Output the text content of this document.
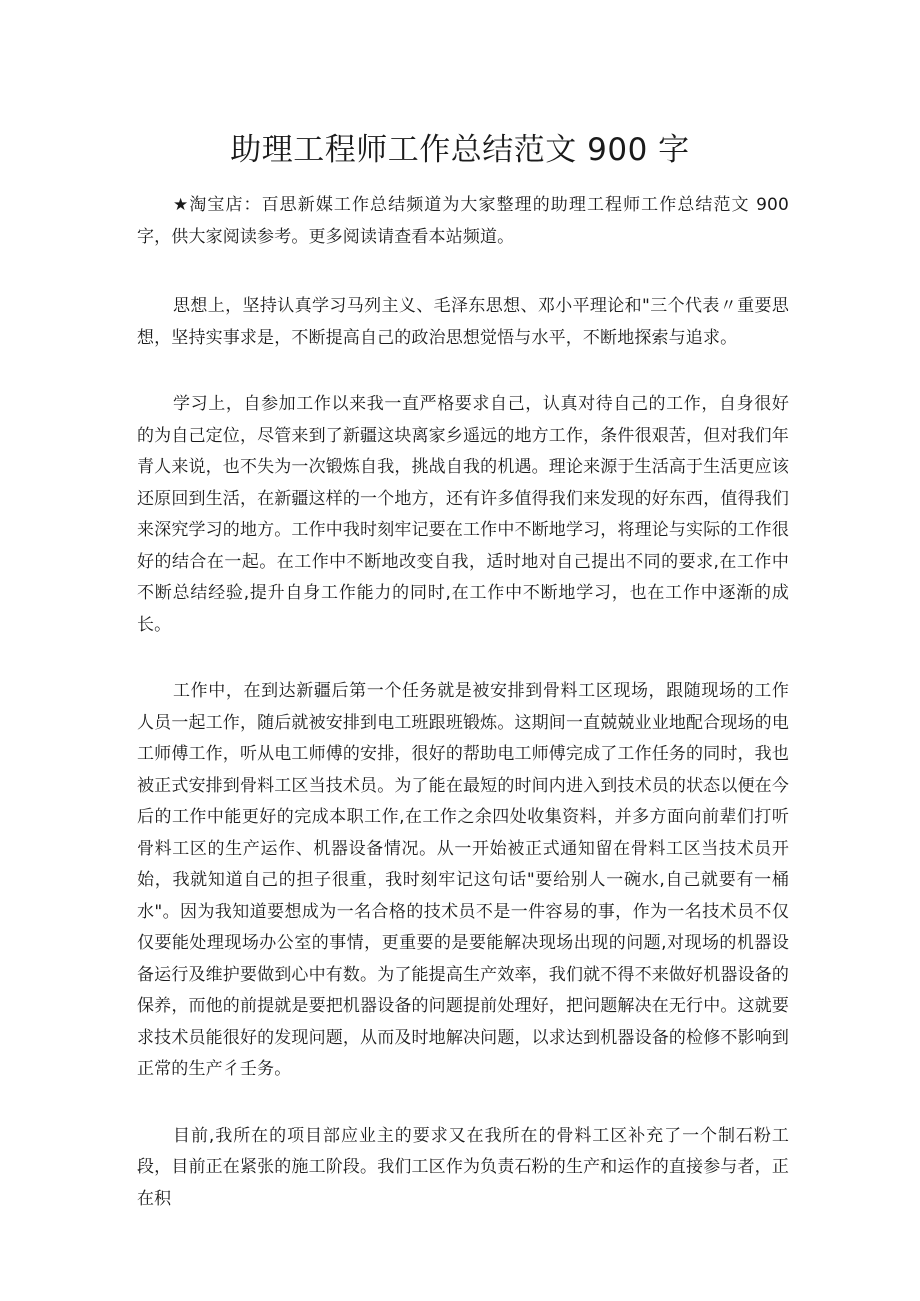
助理工程师工作总结范文 900 字

★淘宝店：百思新媒工作总结频道为大家整理的助理工程师工作总结范文 900 字，供大家阅读参考。更多阅读请查看本站频道。

思想上，坚持认真学习马列主义、毛泽东思想、邓小平理论和"三个代表〃重要思想，坚持实事求是，不断提高自己的政治思想觉悟与水平，不断地探索与追求。

学习上，自参加工作以来我一直严格要求自己，认真对待自己的工作，自身很好的为自己定位，尽管来到了新疆这块离家乡遥远的地方工作，条件很艰苦，但对我们年青人来说，也不失为一次锻炼自我，挑战自我的机遇。理论来源于生活高于生活更应该还原回到生活，在新疆这样的一个地方，还有许多值得我们来发现的好东西，值得我们来深究学习的地方。工作中我时刻牢记要在工作中不断地学习，将理论与实际的工作很好的结合在一起。在工作中不断地改变自我，适时地对自己提出不同的要求,在工作中不断总结经验,提升自身工作能力的同时,在工作中不断地学习，也在工作中逐渐的成长。

工作中，在到达新疆后第一个任务就是被安排到骨料工区现场，跟随现场的工作人员一起工作，随后就被安排到电工班跟班锻炼。这期间一直兢兢业业地配合现场的电工师傅工作，听从电工师傅的安排，很好的帮助电工师傅完成了工作任务的同时，我也被正式安排到骨料工区当技术员。为了能在最短的时间内进入到技术员的状态以便在今后的工作中能更好的完成本职工作,在工作之余四处收集资料，并多方面向前辈们打听骨料工区的生产运作、机器设备情况。从一开始被正式通知留在骨料工区当技术员开始，我就知道自己的担子很重，我时刻牢记这句话"要给别人一碗水,自己就要有一桶水"。因为我知道要想成为一名合格的技术员不是一件容易的事，作为一名技术员不仅仅要能处理现场办公室的事情，更重要的是要能解决现场出现的问题,对现场的机器设备运行及维护要做到心中有数。为了能提高生产效率，我们就不得不来做好机器设备的保养，而他的前提就是要把机器设备的问题提前处理好，把问题解决在无行中。这就要求技术员能很好的发现问题，从而及时地解决问题，以求达到机器设备的检修不影响到正常的生产彳壬务。

目前,我所在的项目部应业主的要求又在我所在的骨料工区补充了一个制石粉工段，目前正在紧张的施工阶段。我们工区作为负责石粉的生产和运作的直接参与者，正在积
